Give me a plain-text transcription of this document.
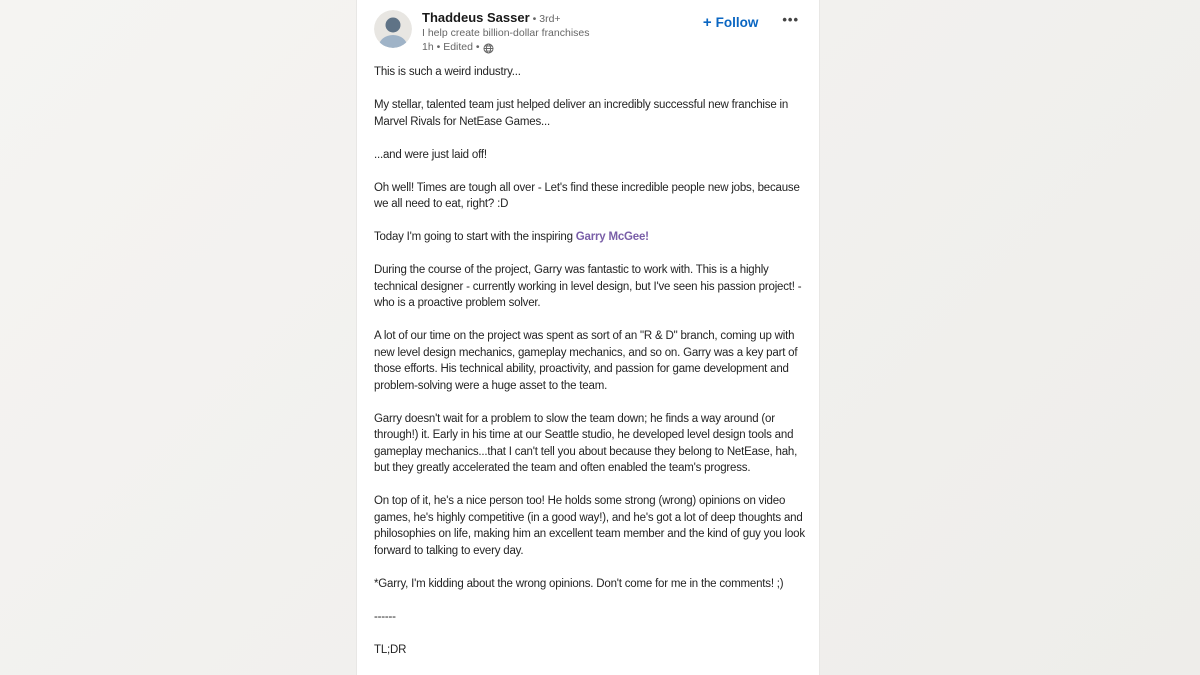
Thaddeus Sasser • 3rd+
I help create billion-dollar franchises
1h • Edited •
+ Follow •••

This is such a weird industry...

My stellar, talented team just helped deliver an incredibly successful new franchise in Marvel Rivals for NetEase Games...

...and were just laid off!

Oh well! Times are tough all over - Let's find these incredible people new jobs, because we all need to eat, right? :D

Today I'm going to start with the inspiring Garry McGee!

During the course of the project, Garry was fantastic to work with. This is a highly technical designer - currently working in level design, but I've seen his passion project! - who is a proactive problem solver.

A lot of our time on the project was spent as sort of an "R & D" branch, coming up with new level design mechanics, gameplay mechanics, and so on. Garry was a key part of those efforts. His technical ability, proactivity, and passion for game development and problem-solving were a huge asset to the team.

Garry doesn't wait for a problem to slow the team down; he finds a way around (or through!) it. Early in his time at our Seattle studio, he developed level design tools and gameplay mechanics...that I can't tell you about because they belong to NetEase, hah, but they greatly accelerated the team and often enabled the team's progress.

On top of it, he's a nice person too! He holds some strong (wrong) opinions on video games, he's highly competitive (in a good way!), and he's got a lot of deep thoughts and philosophies on life, making him an excellent team member and the kind of guy you look forward to talking to every day.

*Garry, I'm kidding about the wrong opinions. Don't come for me in the comments! ;)

------

TL;DR
